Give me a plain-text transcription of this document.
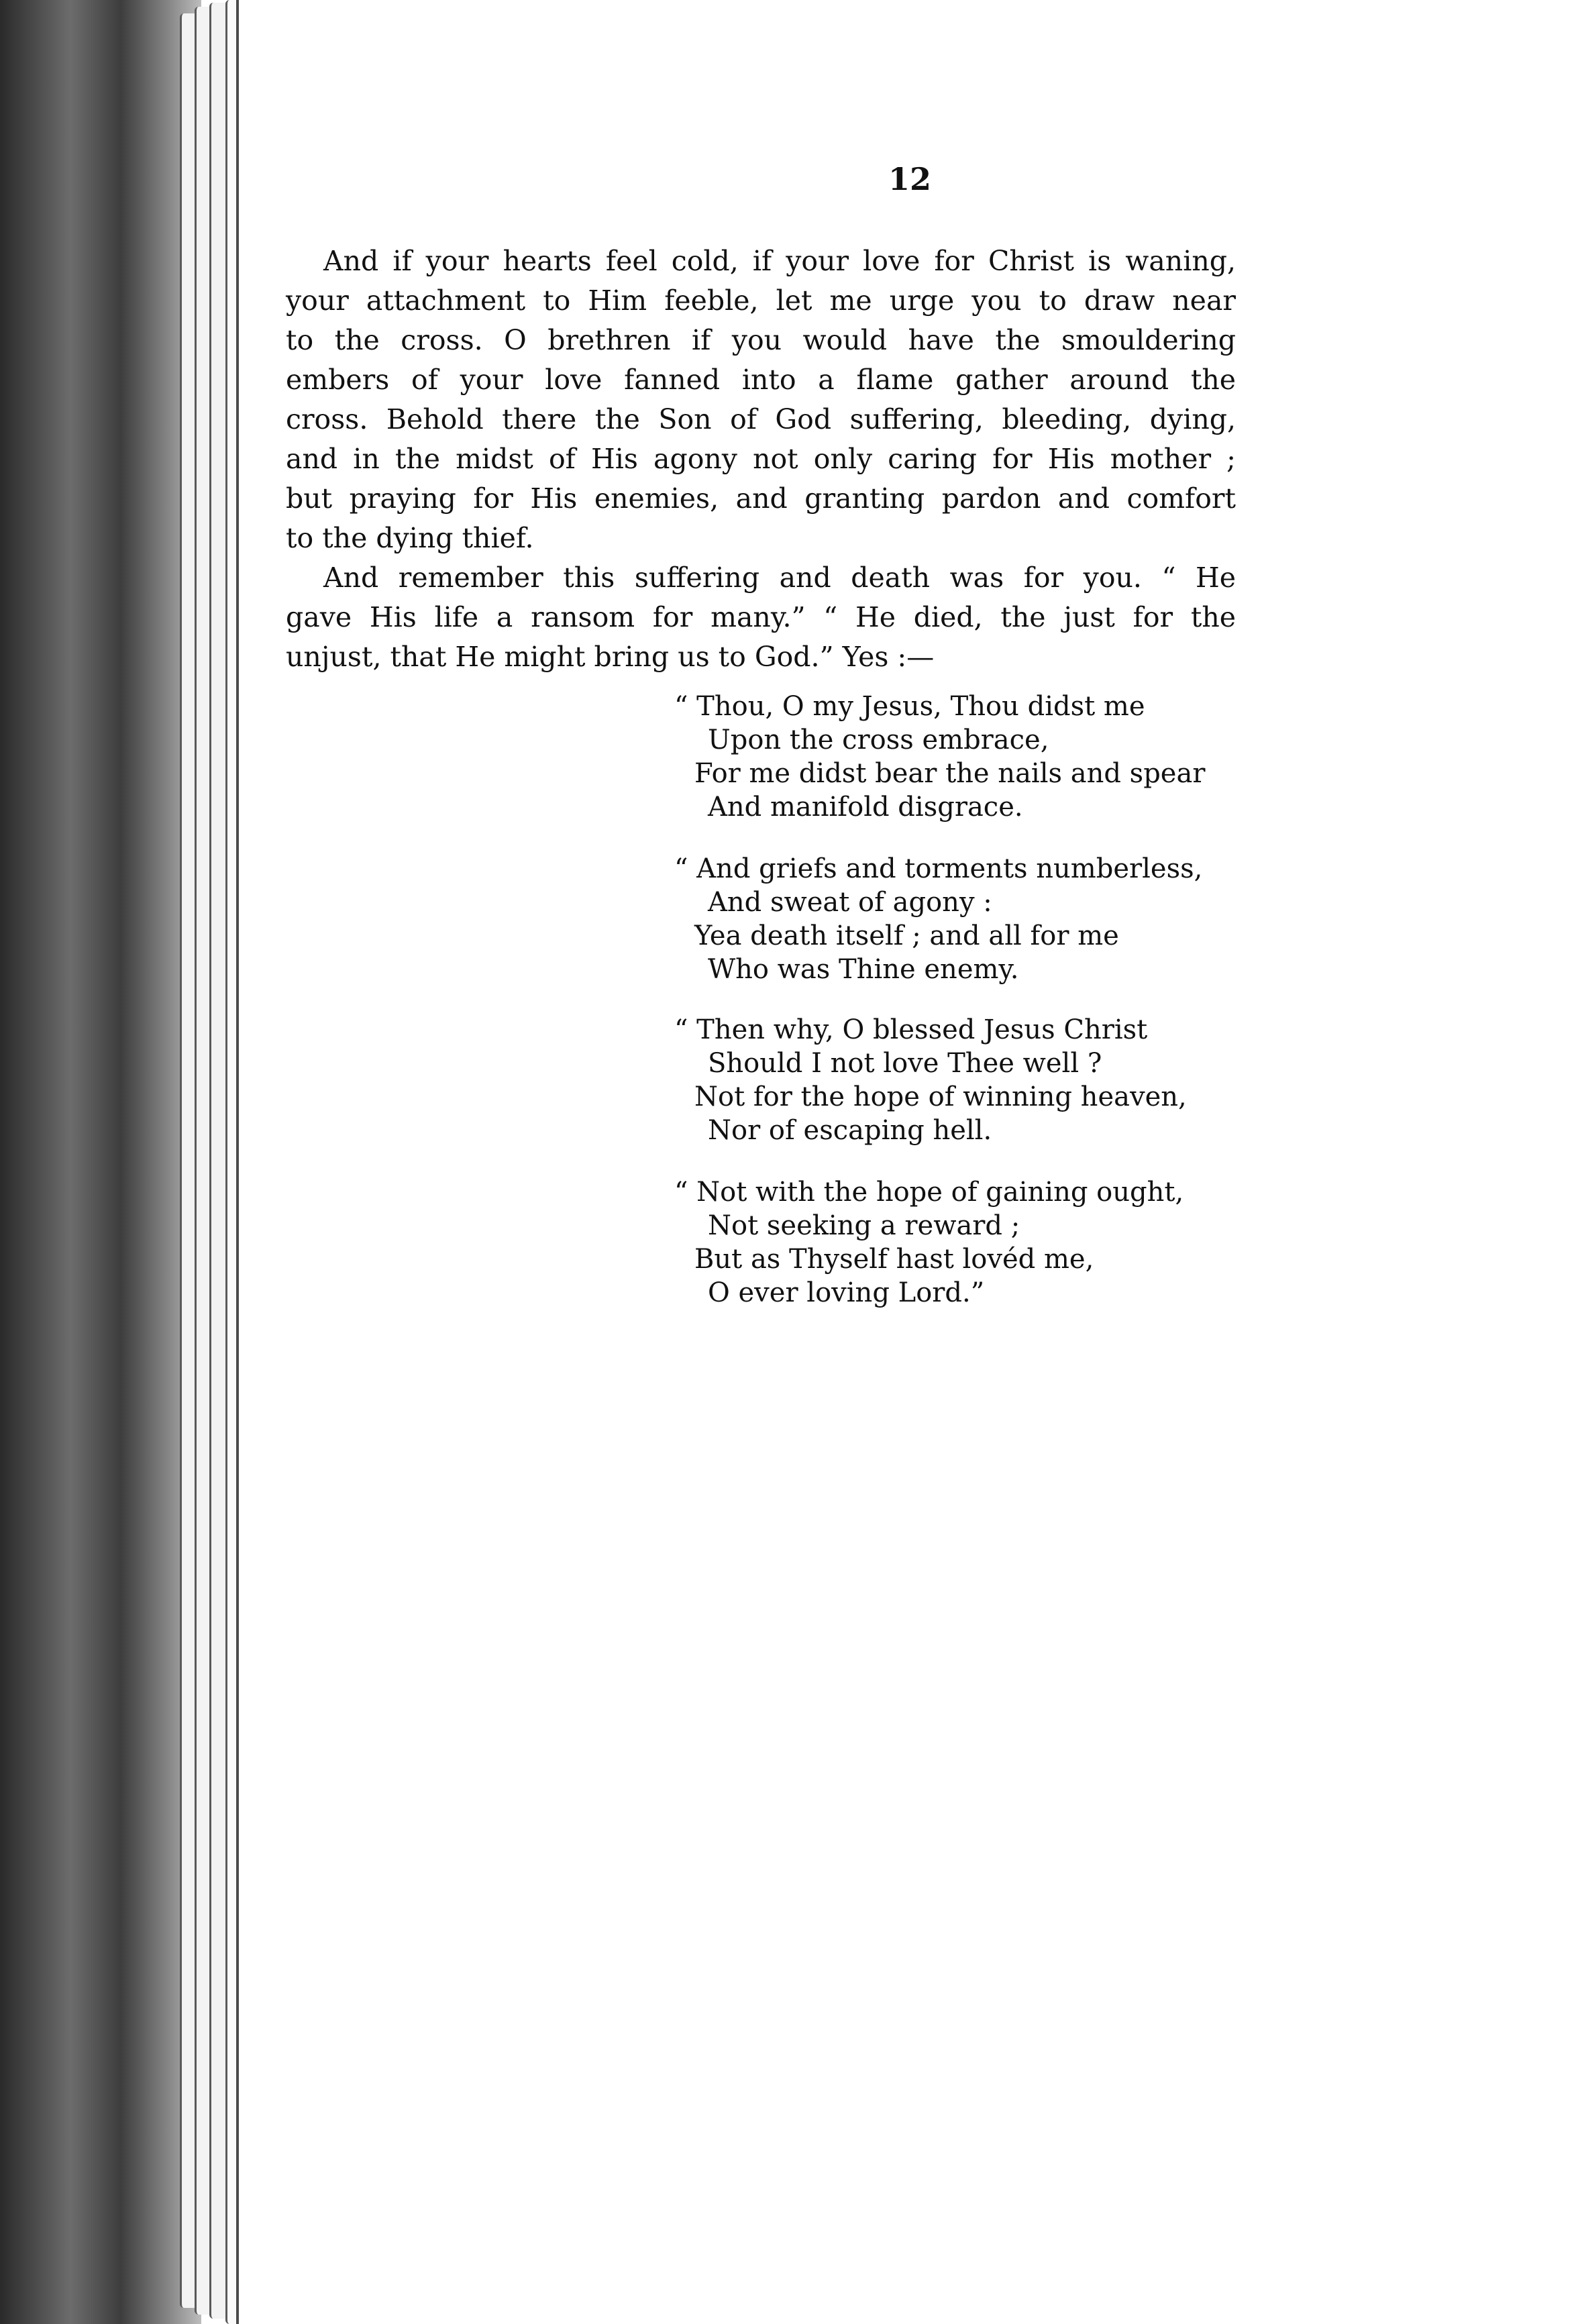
12
And if your hearts feel cold, if your love for Christ is waning,
your attachment to Him feeble, let me urge you to draw near
to the cross. O brethren if you would have the smouldering
embers of your love fanned into a flame gather around the
cross. Behold there the Son of God suffering, bleeding, dying,
and in the midst of His agony not only caring for His mother ;
but praying for His enemies, and granting pardon and comfort
to the dying thief.
And remember this suffering and death was for you. “ He
gave His life a ransom for many.” “ He died, the just for the
unjust, that He might bring us to God.” Yes :—
“ Thou, O my Jesus, Thou didst me
Upon the cross embrace,
For me didst bear the nails and spear
And manifold disgrace.
“ And griefs and torments numberless,
And sweat of agony :
Yea death itself ; and all for me
Who was Thine enemy.
“ Then why, O blessed Jesus Christ
Should I not love Thee well ?
Not for the hope of winning heaven,
Nor of escaping hell.
“ Not with the hope of gaining ought,
Not seeking a reward ;
But as Thyself hast lovéd me,
O ever loving Lord.”
